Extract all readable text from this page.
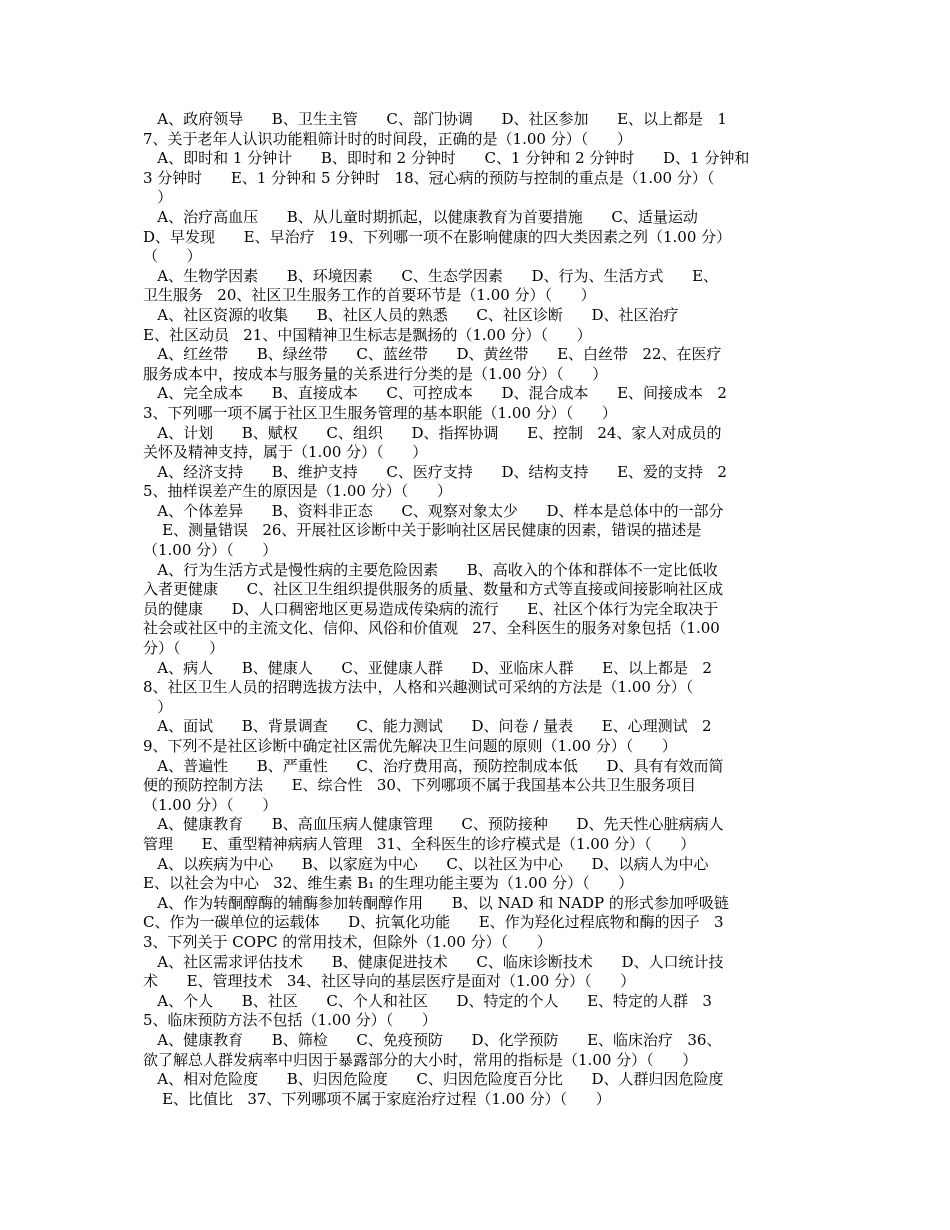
A、政府领导      B、卫生主管      C、部门协调      D、社区参加      E、以上都是   1
7、关于老年人认识功能粗筛计时的时间段，正确的是（1.00 分）（      ）
A、即时和 1 分钟计      B、即时和 2 分钟时      C、1 分钟和 2 分钟时      D、1 分钟和
3 分钟时      E、1 分钟和 5 分钟时   18、冠心病的预防与控制的重点是（1.00 分）（
）
A、治疗高血压      B、从儿童时期抓起，以健康教育为首要措施      C、适量运动
D、早发现      E、早治疗   19、下列哪一项不在影响健康的四大类因素之列（1.00 分）
（      ）
A、生物学因素      B、环境因素      C、生态学因素      D、行为、生活方式      E、
卫生服务   20、社区卫生服务工作的首要环节是（1.00 分）（      ）
A、社区资源的收集      B、社区人员的熟悉      C、社区诊断      D、社区治疗
E、社区动员   21、中国精神卫生标志是飘扬的（1.00 分）（      ）
A、红丝带      B、绿丝带      C、蓝丝带      D、黄丝带      E、白丝带   22、在医疗
服务成本中，按成本与服务量的关系进行分类的是（1.00 分）（      ）
A、完全成本      B、直接成本      C、可控成本      D、混合成本      E、间接成本   2
3、下列哪一项不属于社区卫生服务管理的基本职能（1.00 分）（      ）
A、计划      B、赋权      C、组织      D、指挥协调      E、控制   24、家人对成员的
关怀及精神支持，属于（1.00 分）（      ）
A、经济支持      B、维护支持      C、医疗支持      D、结构支持      E、爱的支持   2
5、抽样误差产生的原因是（1.00 分）（      ）
A、个体差异      B、资料非正态      C、观察对象太少      D、样本是总体中的一部分
E、测量错误   26、开展社区诊断中关于影响社区居民健康的因素，错误的描述是
（1.00 分）（      ）
A、行为生活方式是慢性病的主要危险因素      B、高收入的个体和群体不一定比低收
入者更健康      C、社区卫生组织提供服务的质量、数量和方式等直接或间接影响社区成
员的健康      D、人口稠密地区更易造成传染病的流行      E、社区个体行为完全取决于
社会或社区中的主流文化、信仰、风俗和价值观   27、全科医生的服务对象包括（1.00
分）（      ）
A、病人      B、健康人      C、亚健康人群      D、亚临床人群      E、以上都是   2
8、社区卫生人员的招聘选拔方法中，人格和兴趣测试可采纳的方法是（1.00 分）（
）
A、面试      B、背景调查      C、能力测试      D、问卷 / 量表      E、心理测试   2
9、下列不是社区诊断中确定社区需优先解决卫生问题的原则（1.00 分）（      ）
A、普遍性      B、严重性      C、治疗费用高，预防控制成本低      D、具有有效而简
便的预防控制方法      E、综合性   30、下列哪项不属于我国基本公共卫生服务项目
（1.00 分）（      ）
A、健康教育      B、高血压病人健康管理      C、预防接种      D、先天性心脏病病人
管理      E、重型精神病病人管理   31、全科医生的诊疗模式是（1.00 分）（      ）
A、以疾病为中心      B、以家庭为中心      C、以社区为中心      D、以病人为中心
E、以社会为中心   32、维生素 B₁ 的生理功能主要为（1.00 分）（      ）
A、作为转酮醇酶的辅酶参加转酮醇作用      B、以 NAD 和 NADP 的形式参加呼吸链
C、作为一碳单位的运载体      D、抗氧化功能      E、作为羟化过程底物和酶的因子   3
3、下列关于 COPC 的常用技术，但除外（1.00 分）（      ）
A、社区需求评估技术      B、健康促进技术      C、临床诊断技术      D、人口统计技
术      E、管理技术   34、社区导向的基层医疗是面对（1.00 分）（      ）
A、个人      B、社区      C、个人和社区      D、特定的个人      E、特定的人群   3
5、临床预防方法不包括（1.00 分）（      ）
A、健康教育      B、筛检      C、免疫预防      D、化学预防      E、临床治疗   36、
欲了解总人群发病率中归因于暴露部分的大小时，常用的指标是（1.00 分）（      ）
A、相对危险度      B、归因危险度      C、归因危险度百分比      D、人群归因危险度
E、比值比   37、下列哪项不属于家庭治疗过程（1.00 分）（      ）
